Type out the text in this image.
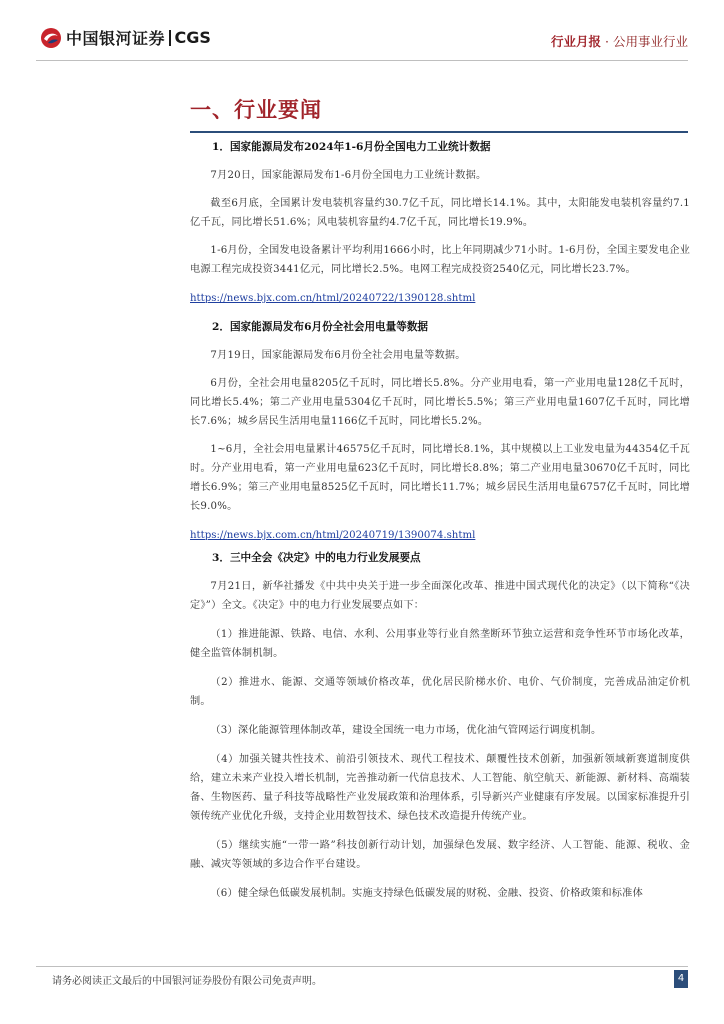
中国银河证券 CGS	行业月报 · 公用事业行业
一、行业要闻

1．国家能源局发布2024年1-6月份全国电力工业统计数据

7月20日，国家能源局发布1-6月份全国电力工业统计数据。

截至6月底，全国累计发电装机容量约30.7亿千瓦，同比增长14.1%。其中，太阳能发电装机容量约7.1亿千瓦，同比增长51.6%；风电装机容量约4.7亿千瓦，同比增长19.9%。

1-6月份，全国发电设备累计平均利用1666小时，比上年同期减少71小时。1-6月份，全国主要发电企业电源工程完成投资3441亿元，同比增长2.5%。电网工程完成投资2540亿元，同比增长23.7%。

https://news.bjx.com.cn/html/20240722/1390128.shtml

2．国家能源局发布6月份全社会用电量等数据

7月19日，国家能源局发布6月份全社会用电量等数据。

6月份，全社会用电量8205亿千瓦时，同比增长5.8%。分产业用电看，第一产业用电量128亿千瓦时，同比增长5.4%；第二产业用电量5304亿千瓦时，同比增长5.5%；第三产业用电量1607亿千瓦时，同比增长7.6%；城乡居民生活用电量1166亿千瓦时，同比增长5.2%。

1~6月，全社会用电量累计46575亿千瓦时，同比增长8.1%，其中规模以上工业发电量为44354亿千瓦时。分产业用电看，第一产业用电量623亿千瓦时，同比增长8.8%；第二产业用电量30670亿千瓦时，同比增长6.9%；第三产业用电量8525亿千瓦时，同比增长11.7%；城乡居民生活用电量6757亿千瓦时，同比增长9.0%。

https://news.bjx.com.cn/html/20240719/1390074.shtml

3．三中全会《决定》中的电力行业发展要点

7月21日，新华社播发《中共中央关于进一步全面深化改革、推进中国式现代化的决定》（以下简称“《决定》”）全文。《决定》中的电力行业发展要点如下：

（1）推进能源、铁路、电信、水利、公用事业等行业自然垄断环节独立运营和竞争性环节市场化改革，健全监管体制机制。

（2）推进水、能源、交通等领域价格改革，优化居民阶梯水价、电价、气价制度，完善成品油定价机制。

（3）深化能源管理体制改革，建设全国统一电力市场，优化油气管网运行调度机制。

（4）加强关键共性技术、前沿引领技术、现代工程技术、颠覆性技术创新，加强新领域新赛道制度供给，建立未来产业投入增长机制，完善推动新一代信息技术、人工智能、航空航天、新能源、新材料、高端装备、生物医药、量子科技等战略性产业发展政策和治理体系，引导新兴产业健康有序发展。以国家标准提升引领传统产业优化升级，支持企业用数智技术、绿色技术改造提升传统产业。

（5）继续实施“一带一路”科技创新行动计划，加强绿色发展、数字经济、人工智能、能源、税收、金融、减灾等领域的多边合作平台建设。

（6）健全绿色低碳发展机制。实施支持绿色低碳发展的财税、金融、投资、价格政策和标准体

请务必阅读正文最后的中国银河证券股份有限公司免责声明。	4
